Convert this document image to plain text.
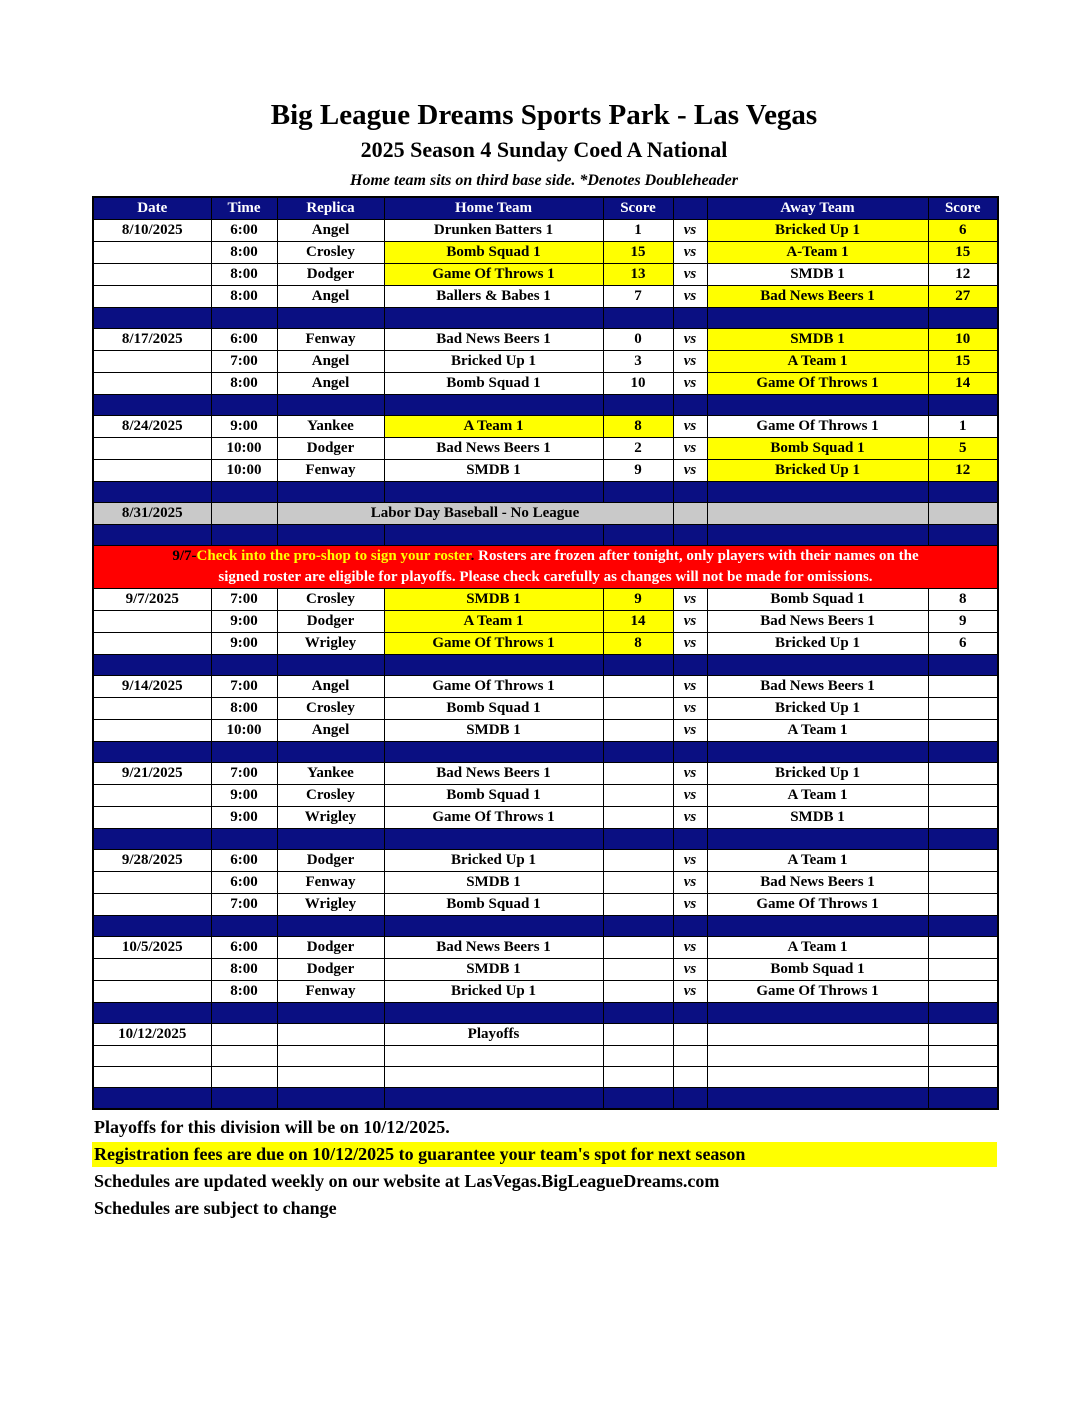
Big League Dreams Sports Park - Las Vegas
2025 Season 4 Sunday Coed A National
Home team sits on third base side. *Denotes Doubleheader
Date	Time	Replica	Home Team	Score		Away Team	Score
8/10/2025	6:00	Angel	Drunken Batters 1	1	vs	Bricked Up 1	6
	8:00	Crosley	Bomb Squad 1	15	vs	A-Team 1	15
	8:00	Dodger	Game Of Throws 1	13	vs	SMDB 1	12
	8:00	Angel	Ballers & Babes 1	7	vs	Bad News Beers 1	27

8/17/2025	6:00	Fenway	Bad News Beers 1	0	vs	SMDB 1	10
	7:00	Angel	Bricked Up 1	3	vs	A Team 1	15
	8:00	Angel	Bomb Squad 1	10	vs	Game Of Throws 1	14

8/24/2025	9:00	Yankee	A Team 1	8	vs	Game Of Throws 1	1
	10:00	Dodger	Bad News Beers 1	2	vs	Bomb Squad 1	5
	10:00	Fenway	SMDB 1	9	vs	Bricked Up 1	12

8/31/2025		Labor Day Baseball - No League					

9/7-Check into the pro-shop to sign your roster. Rosters are frozen after tonight, only players with their names on the
signed roster are eligible for playoffs. Please check carefully as changes will not be made for omissions.							

9/7/2025	7:00	Crosley	SMDB 1	9	vs	Bomb Squad 1	8
	9:00	Dodger	A Team 1	14	vs	Bad News Beers 1	9
	9:00	Wrigley	Game Of Throws 1	8	vs	Bricked Up 1	6

9/14/2025	7:00	Angel	Game Of Throws 1		vs	Bad News Beers 1	
	8:00	Crosley	Bomb Squad 1		vs	Bricked Up 1	
	10:00	Angel	SMDB 1		vs	A Team 1	

9/21/2025	7:00	Yankee	Bad News Beers 1		vs	Bricked Up 1	
	9:00	Crosley	Bomb Squad 1		vs	A Team 1	
	9:00	Wrigley	Game Of Throws 1		vs	SMDB 1	

9/28/2025	6:00	Dodger	Bricked Up 1		vs	A Team 1	
	6:00	Fenway	SMDB 1		vs	Bad News Beers 1	
	7:00	Wrigley	Bomb Squad 1		vs	Game Of Throws 1	

10/5/2025	6:00	Dodger	Bad News Beers 1		vs	A Team 1	
	8:00	Dodger	SMDB 1		vs	Bomb Squad 1	
	8:00	Fenway	Bricked Up 1		vs	Game Of Throws 1	

10/12/2025			Playoffs				

Playoffs for this division will be on 10/12/2025.
Registration fees are due on 10/12/2025 to guarantee your team's spot for next season
Schedules are updated weekly on our website at LasVegas.BigLeagueDreams.com
Schedules are subject to change
